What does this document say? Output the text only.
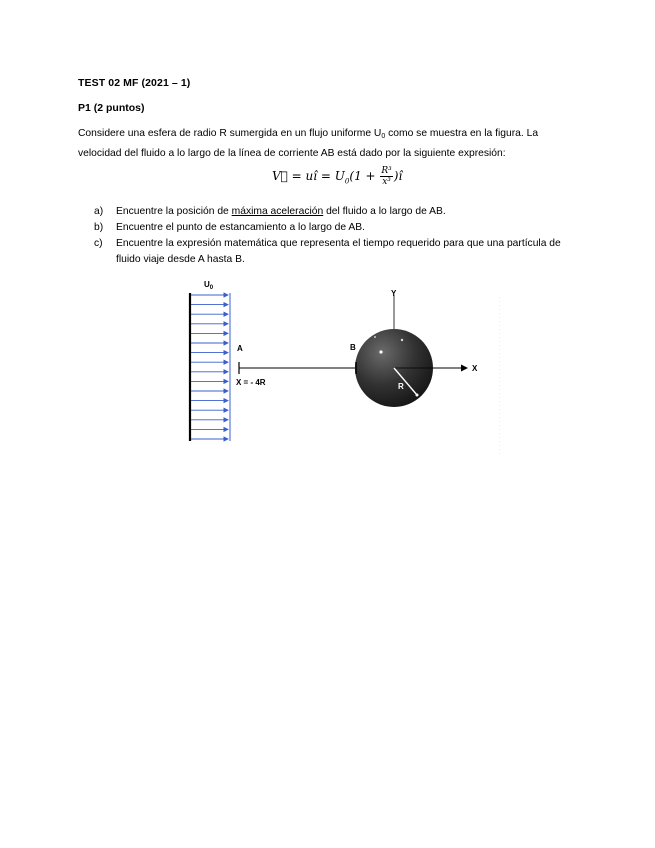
TEST 02 MF (2021 – 1)
P1 (2 puntos)
Considere una esfera de radio R sumergida en un flujo uniforme U0 como se muestra en la figura. La velocidad del fluido a lo largo de la línea de corriente AB está dado por la siguiente expresión:
V⃗ = uî = $U_0(1 + \frac{\text{R³}}{\text{x³}}$ )î
a) Encuentre la posición de máxima aceleración del fluido a lo largo de AB.
b) Encuentre el punto de estancamiento a lo largo de AB.
c) Encuentre la expresión matemática que representa el tiempo requerido para que una partícula de fluido viaje desde A hasta B.
$U_0$
A
X = - 4R
Y
B
X
R
